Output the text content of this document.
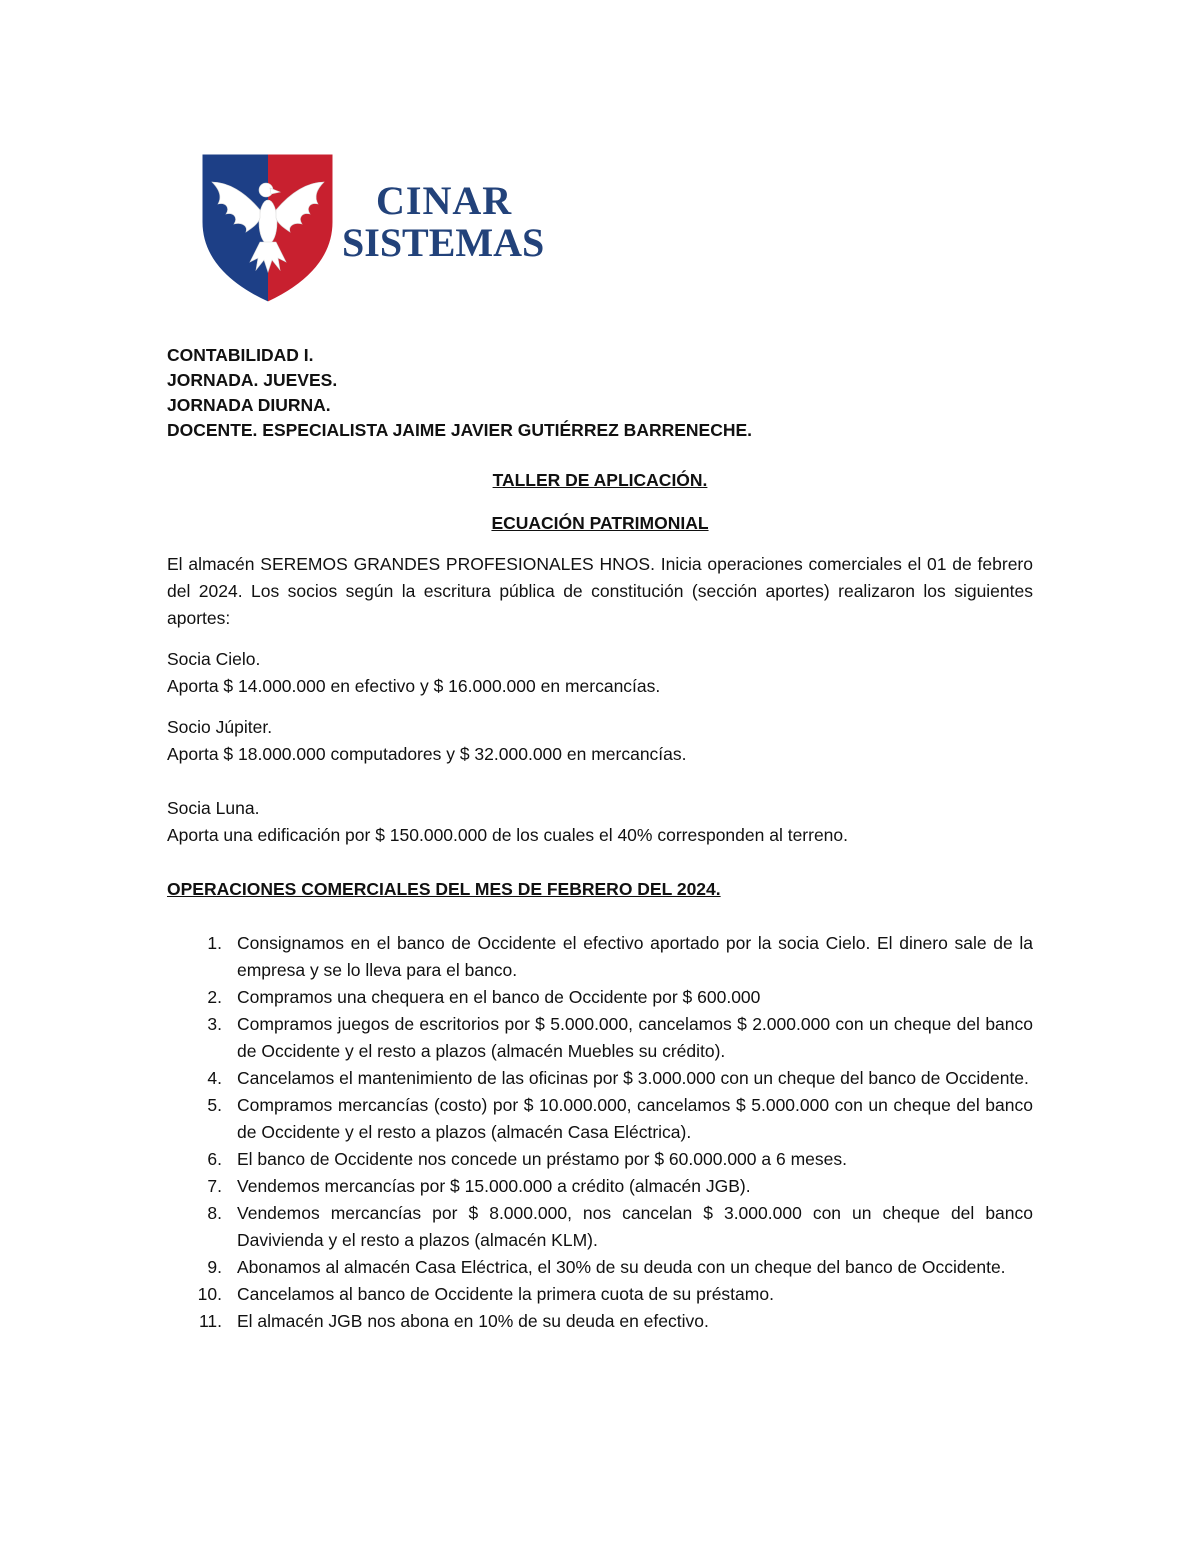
CINAR
SISTEMAS

CONTABILIDAD I.

JORNADA. JUEVES.

JORNADA DIURNA.

DOCENTE. ESPECIALISTA JAIME JAVIER GUTIÉRREZ BARRENECHE.

TALLER DE APLICACIÓN.

ECUACIÓN PATRIMONIAL

El almacén SEREMOS GRANDES PROFESIONALES HNOS. Inicia operaciones comerciales el 01 de febrero del 2024. Los socios según la escritura pública de constitución (sección aportes) realizaron los siguientes aportes:

Socia Cielo.

Aporta $ 14.000.000 en efectivo y $ 16.000.000 en mercancías.

Socio Júpiter.

Aporta $ 18.000.000 computadores y $ 32.000.000 en mercancías.

Socia Luna.

Aporta una edificación por $ 150.000.000 de los cuales el 40% corresponden al terreno.

OPERACIONES COMERCIALES DEL MES DE FEBRERO DEL 2024.

1. Consignamos en el banco de Occidente el efectivo aportado por la socia Cielo. El dinero sale de la empresa y se lo lleva para el banco.
2. Compramos una chequera en el banco de Occidente por $ 600.000
3. Compramos juegos de escritorios por $ 5.000.000, cancelamos $ 2.000.000 con un cheque del banco de Occidente y el resto a plazos (almacén Muebles su crédito).
4. Cancelamos el mantenimiento de las oficinas por $ 3.000.000 con un cheque del banco de Occidente.
5. Compramos mercancías (costo) por $ 10.000.000, cancelamos $ 5.000.000 con un cheque del banco de Occidente y el resto a plazos (almacén Casa Eléctrica).
6. El banco de Occidente nos concede un préstamo por $ 60.000.000 a 6 meses.
7. Vendemos mercancías por $ 15.000.000 a crédito (almacén JGB).
8. Vendemos mercancías por $ 8.000.000, nos cancelan $ 3.000.000 con un cheque del banco Davivienda y el resto a plazos (almacén KLM).
9. Abonamos al almacén Casa Eléctrica, el 30% de su deuda con un cheque del banco de Occidente.
10. Cancelamos al banco de Occidente la primera cuota de su préstamo.
11. El almacén JGB nos abona en 10% de su deuda en efectivo.
